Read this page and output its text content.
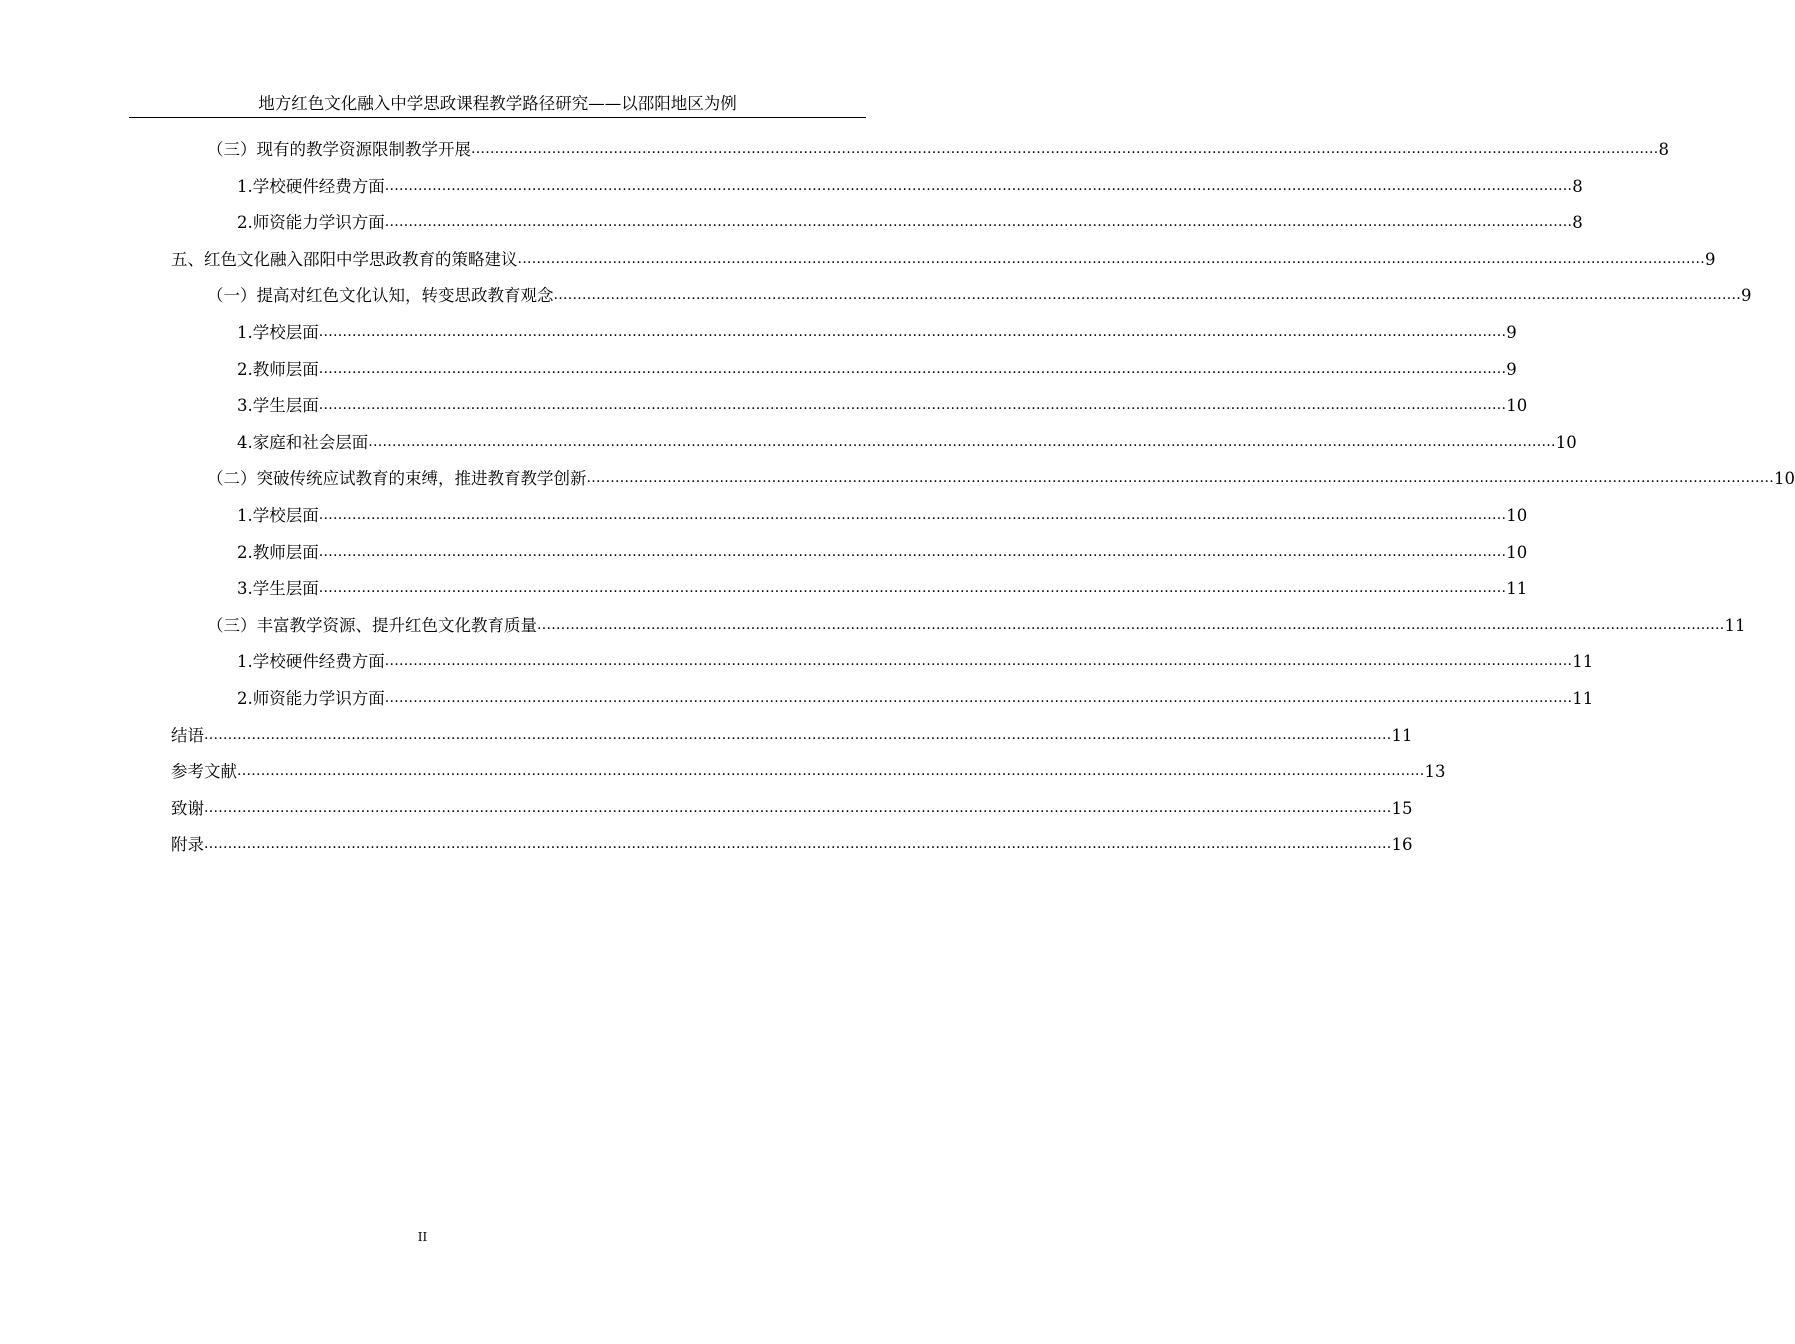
地方红色文化融入中学思政课程教学路径研究——以邵阳地区为例
（三）现有的教学资源限制教学开展 .......................................................................................................................................................................................................................................................... 8
1.学校硬件经费方面 .......................................................................................................................................................................................................................................................... 8
2.师资能力学识方面 .......................................................................................................................................................................................................................................................... 8
五、红色文化融入邵阳中学思政教育的策略建议 .......................................................................................................................................................................................................................................................... 9
（一）提高对红色文化认知，转变思政教育观念 .......................................................................................................................................................................................................................................................... 9
1.学校层面 .......................................................................................................................................................................................................................................................... 9
2.教师层面 .......................................................................................................................................................................................................................................................... 9
3.学生层面 .......................................................................................................................................................................................................................................................... 10
4.家庭和社会层面 .......................................................................................................................................................................................................................................................... 10
（二）突破传统应试教育的束缚，推进教育教学创新 .......................................................................................................................................................................................................................................................... 10
1.学校层面 .......................................................................................................................................................................................................................................................... 10
2.教师层面 .......................................................................................................................................................................................................................................................... 10
3.学生层面 .......................................................................................................................................................................................................................................................... 11
（三）丰富教学资源、提升红色文化教育质量 .......................................................................................................................................................................................................................................................... 11
1.学校硬件经费方面 .......................................................................................................................................................................................................................................................... 11
2.师资能力学识方面 .......................................................................................................................................................................................................................................................... 11
结语 .......................................................................................................................................................................................................................................................... 11
参考文献 .......................................................................................................................................................................................................................................................... 13
致谢 .......................................................................................................................................................................................................................................................... 15
附录 .......................................................................................................................................................................................................................................................... 16
II
